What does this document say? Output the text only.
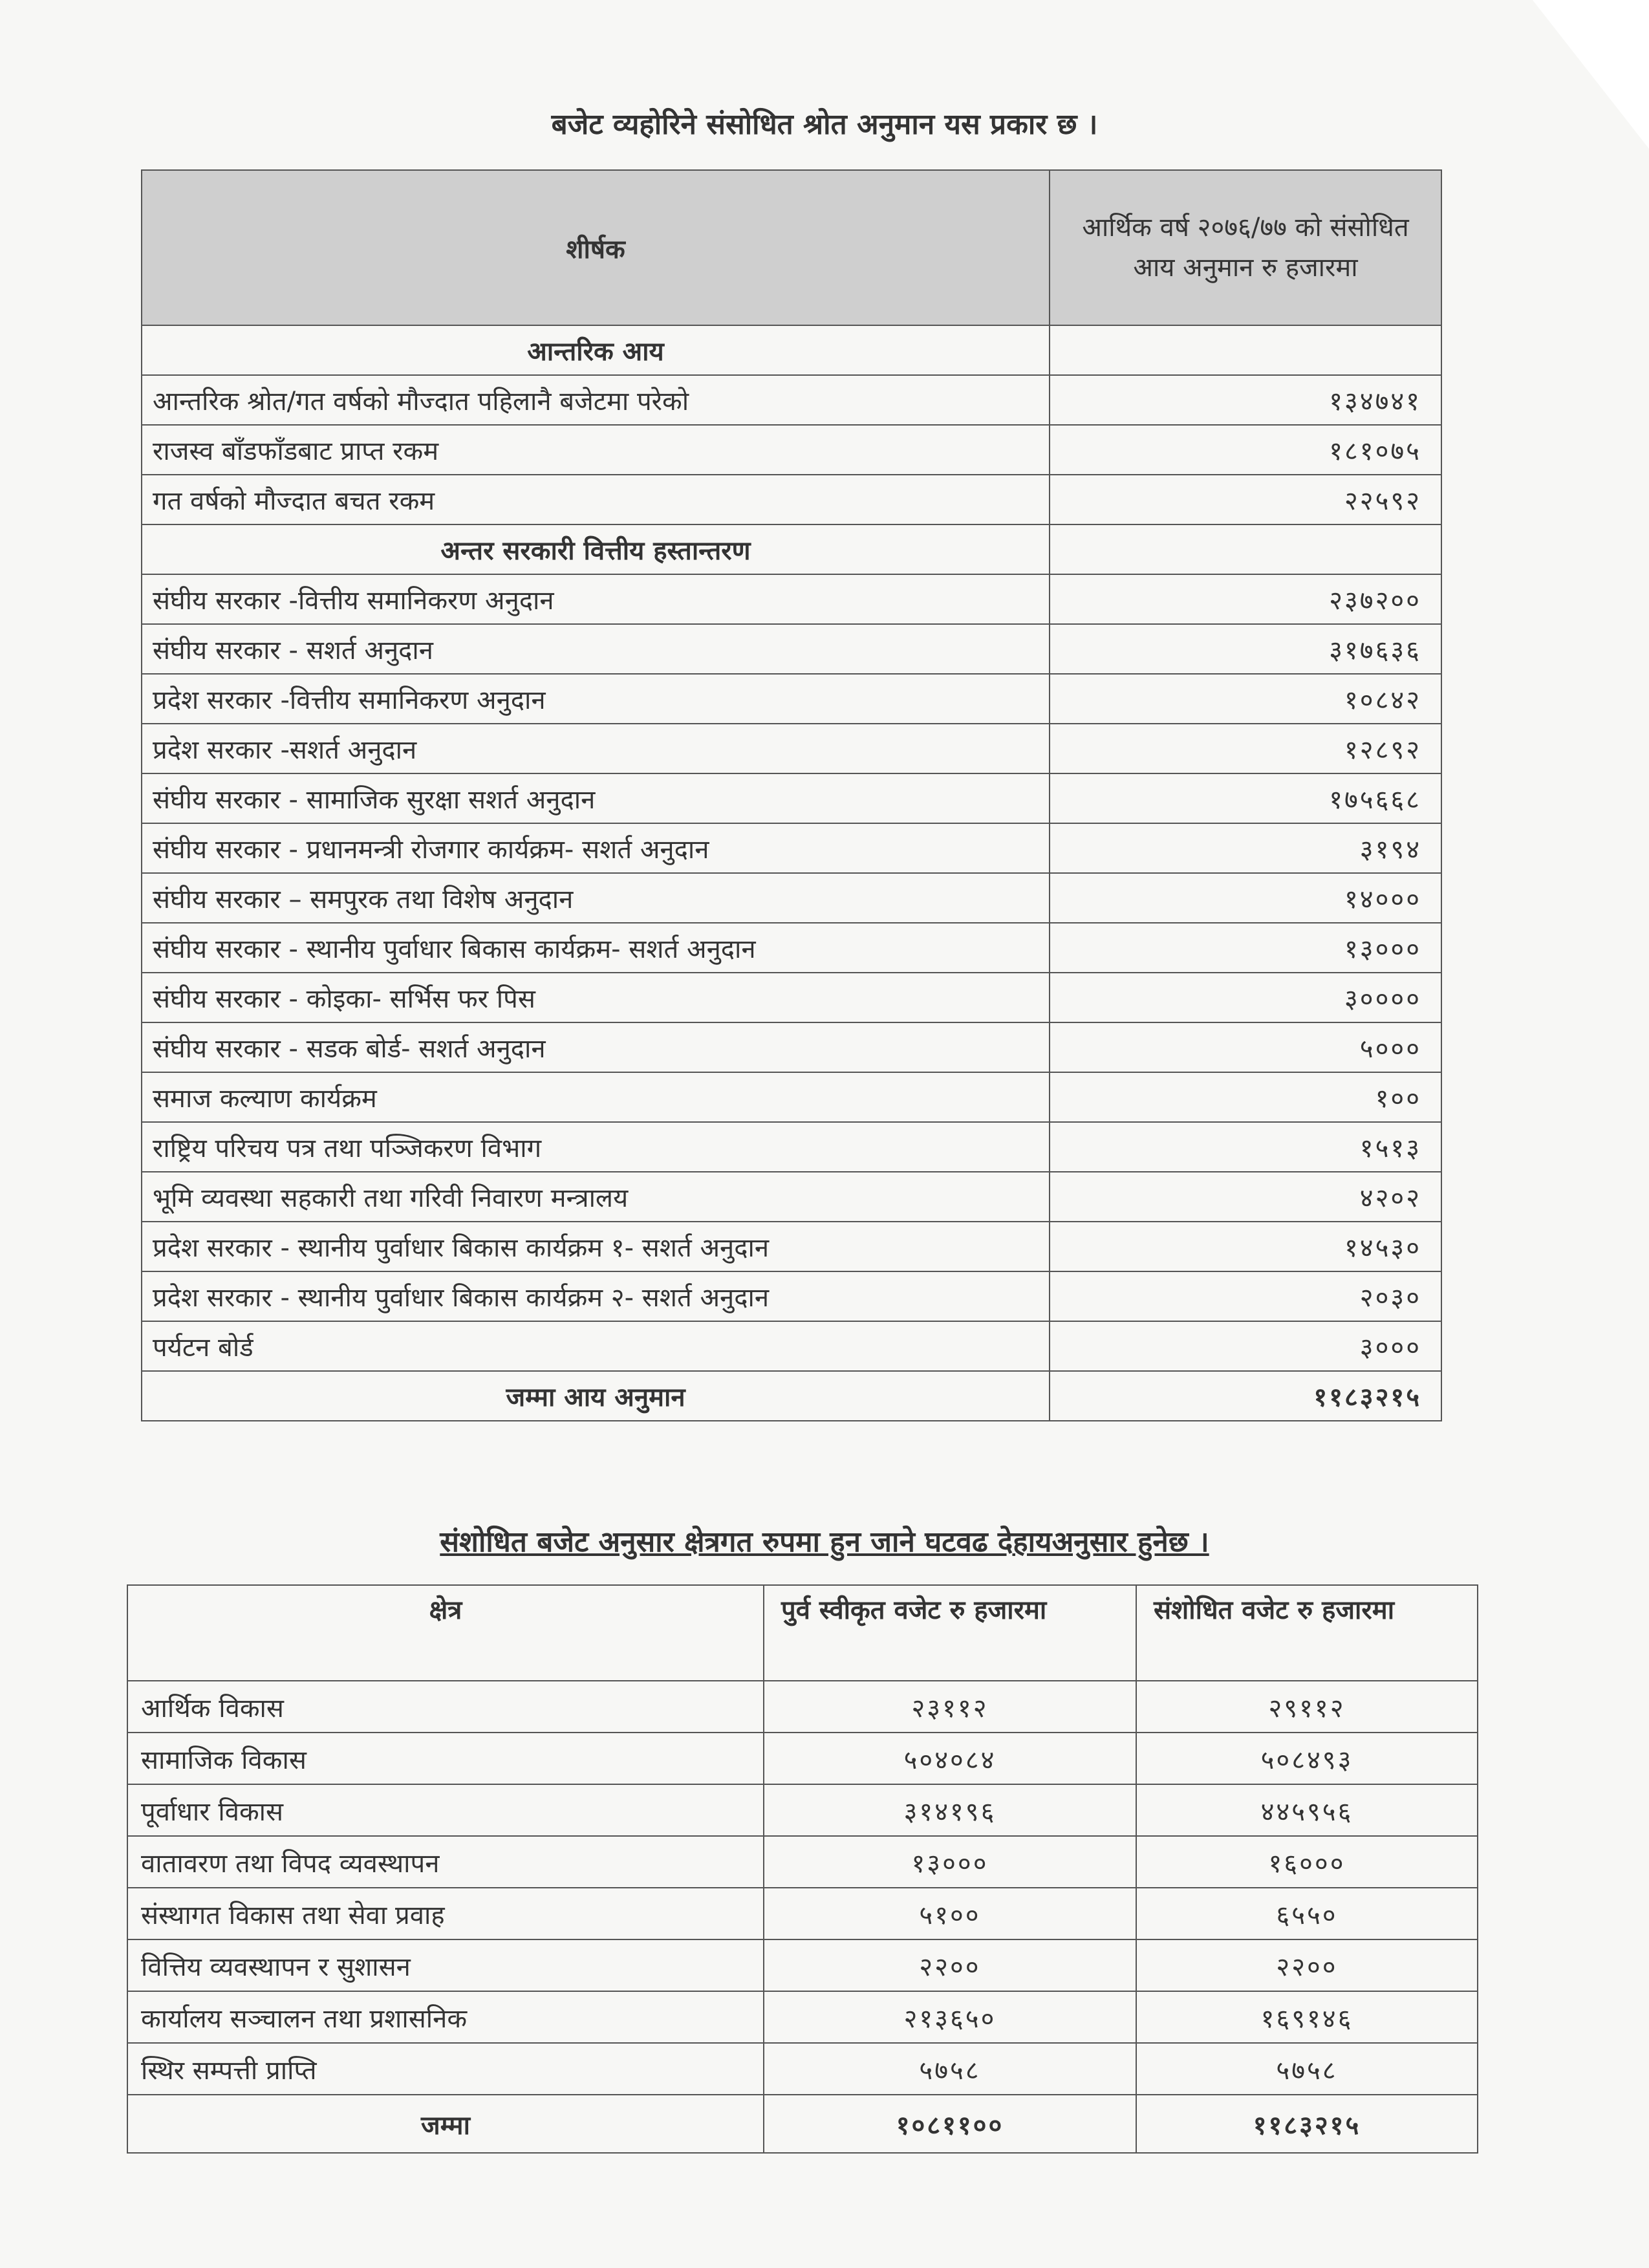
बजेट व्यहोरिने संसोधित श्रोत अनुमान यस प्रकार छ ।
शीर्षक	आर्थिक वर्ष २०७६/७७ को संसोधित आय अनुमान रु हजारमा
आन्तरिक आय	
आन्तरिक श्रोत/गत वर्षको मौज्दात पहिलानै बजेटमा परेको	१३४७४१
राजस्व बाँडफाँडबाट प्राप्त रकम	१८१०७५
गत वर्षको मौज्दात बचत रकम	२२५९२
अन्तर सरकारी वित्तीय हस्तान्तरण	
संघीय सरकार -वित्तीय समानिकरण अनुदान	२३७२००
संघीय सरकार - सशर्त अनुदान	३१७६३६
प्रदेश सरकार -वित्तीय समानिकरण अनुदान	१०८४२
प्रदेश सरकार -सशर्त अनुदान	१२८९२
संघीय सरकार - सामाजिक सुरक्षा सशर्त अनुदान	१७५६६८
संघीय सरकार - प्रधानमन्त्री रोजगार कार्यक्रम- सशर्त अनुदान	३१९४
संघीय सरकार – समपुरक तथा विशेष अनुदान	१४०००
संघीय सरकार - स्थानीय पुर्वाधार बिकास कार्यक्रम- सशर्त अनुदान	१३०००
संघीय सरकार - कोइका- सर्भिस फर पिस	३००००
संघीय सरकार - सडक बोर्ड- सशर्त अनुदान	५०००
समाज कल्याण कार्यक्रम	१००
राष्ट्रिय परिचय पत्र तथा पञ्जिकरण विभाग	१५१३
भूमि व्यवस्था सहकारी तथा गरिवी निवारण मन्त्रालय	४२०२
प्रदेश सरकार - स्थानीय पुर्वाधार बिकास कार्यक्रम १- सशर्त अनुदान	१४५३०
प्रदेश सरकार - स्थानीय पुर्वाधार बिकास कार्यक्रम २- सशर्त अनुदान	२०३०
पर्यटन बोर्ड	३०००
जम्मा आय अनुमान	११८३२१५
संशोधित बजेट अनुसार क्षेत्रगत रुपमा हुन जाने घटवढ देहायअनुसार हुनेछ ।
क्षेत्र	पुर्व स्वीकृत वजेट रु हजारमा	संशोधित वजेट रु हजारमा
आर्थिक विकास	२३११२	२९११२
सामाजिक विकास	५०४०८४	५०८४९३
पूर्वाधार विकास	३१४१९६	४४५९५६
वातावरण तथा विपद व्यवस्थापन	१३०००	१६०००
संस्थागत विकास तथा सेवा प्रवाह	५१००	६५५०
वित्तिय व्यवस्थापन र सुशासन	२२००	२२००
कार्यालय सञ्चालन तथा प्रशासनिक	२१३६५०	१६९१४६
स्थिर सम्पत्ती प्राप्ति	५७५८	५७५८
जम्मा	१०८११००	११८३२१५
